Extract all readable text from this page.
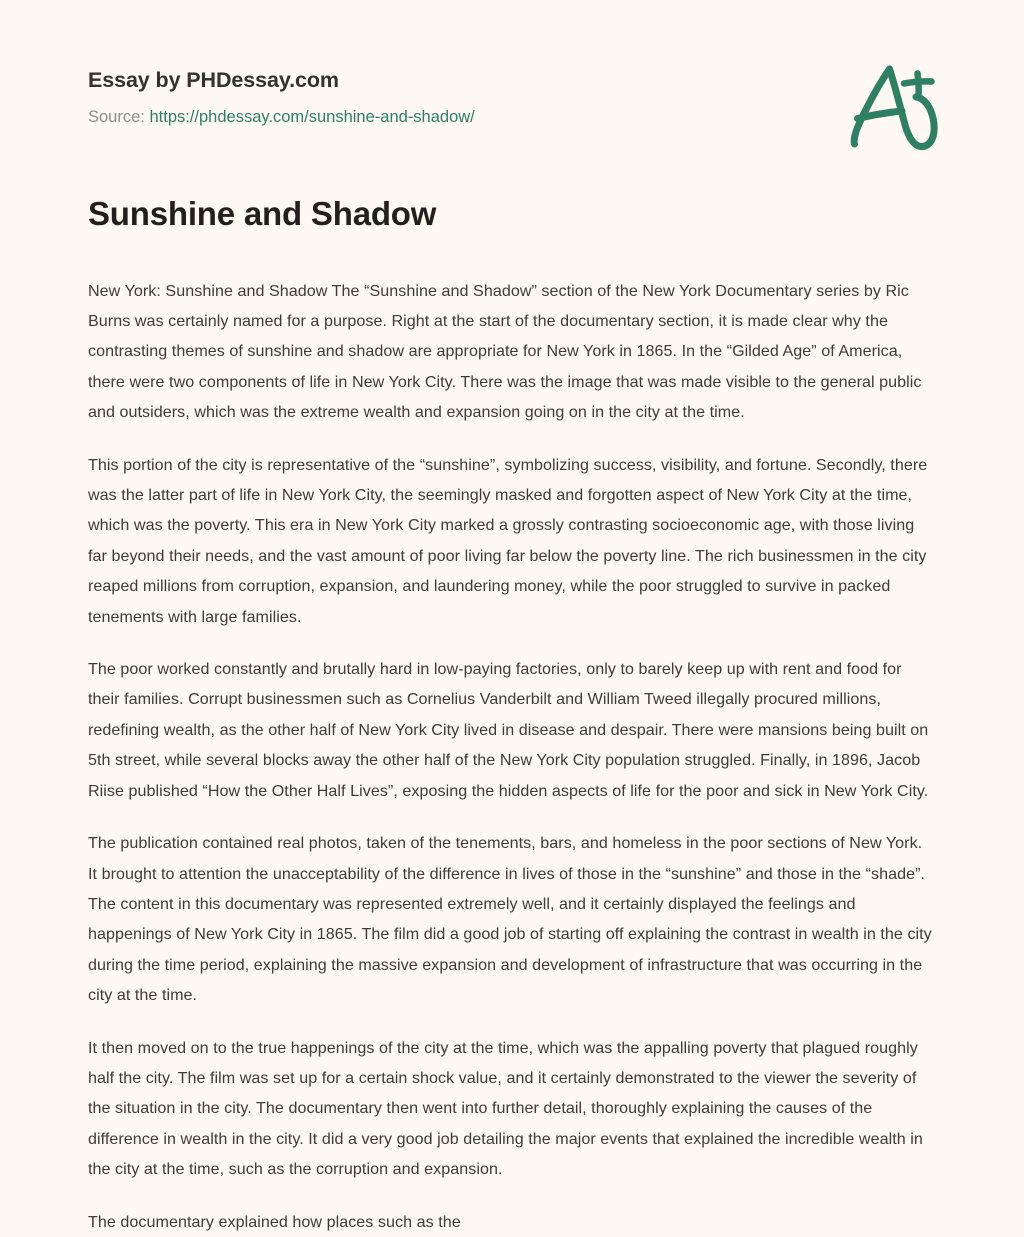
Essay by PHDessay.com
Source: https://phdessay.com/sunshine-and-shadow/
Sunshine and Shadow

New York: Sunshine and Shadow The “Sunshine and Shadow” section of the New York Documentary series by Ric Burns was certainly named for a purpose. Right at the start of the documentary section, it is made clear why the contrasting themes of sunshine and shadow are appropriate for New York in 1865. In the “Gilded Age” of America, there were two components of life in New York City. There was the image that was made visible to the general public and outsiders, which was the extreme wealth and expansion going on in the city at the time.

This portion of the city is representative of the “sunshine”, symbolizing success, visibility, and fortune. Secondly, there was the latter part of life in New York City, the seemingly masked and forgotten aspect of New York City at the time, which was the poverty. This era in New York City marked a grossly contrasting socioeconomic age, with those living far beyond their needs, and the vast amount of poor living far below the poverty line. The rich businessmen in the city reaped millions from corruption, expansion, and laundering money, while the poor struggled to survive in packed tenements with large families.

The poor worked constantly and brutally hard in low-paying factories, only to barely keep up with rent and food for their families. Corrupt businessmen such as Cornelius Vanderbilt and William Tweed illegally procured millions, redefining wealth, as the other half of New York City lived in disease and despair. There were mansions being built on 5th street, while several blocks away the other half of the New York City population struggled. Finally, in 1896, Jacob Riise published “How the Other Half Lives”, exposing the hidden aspects of life for the poor and sick in New York City.

The publication contained real photos, taken of the tenements, bars, and homeless in the poor sections of New York. It brought to attention the unacceptability of the difference in lives of those in the “sunshine” and those in the “shade”. The content in this documentary was represented extremely well, and it certainly displayed the feelings and happenings of New York City in 1865. The film did a good job of starting off explaining the contrast in wealth in the city during the time period, explaining the massive expansion and development of infrastructure that was occurring in the city at the time.

It then moved on to the true happenings of the city at the time, which was the appalling poverty that plagued roughly half the city. The film was set up for a certain shock value, and it certainly demonstrated to the viewer the severity of the situation in the city. The documentary then went into further detail, thoroughly explaining the causes of the difference in wealth in the city. It did a very good job detailing the major events that explained the incredible wealth in the city at the time, such as the corruption and expansion.

The documentary explained how places such as the
